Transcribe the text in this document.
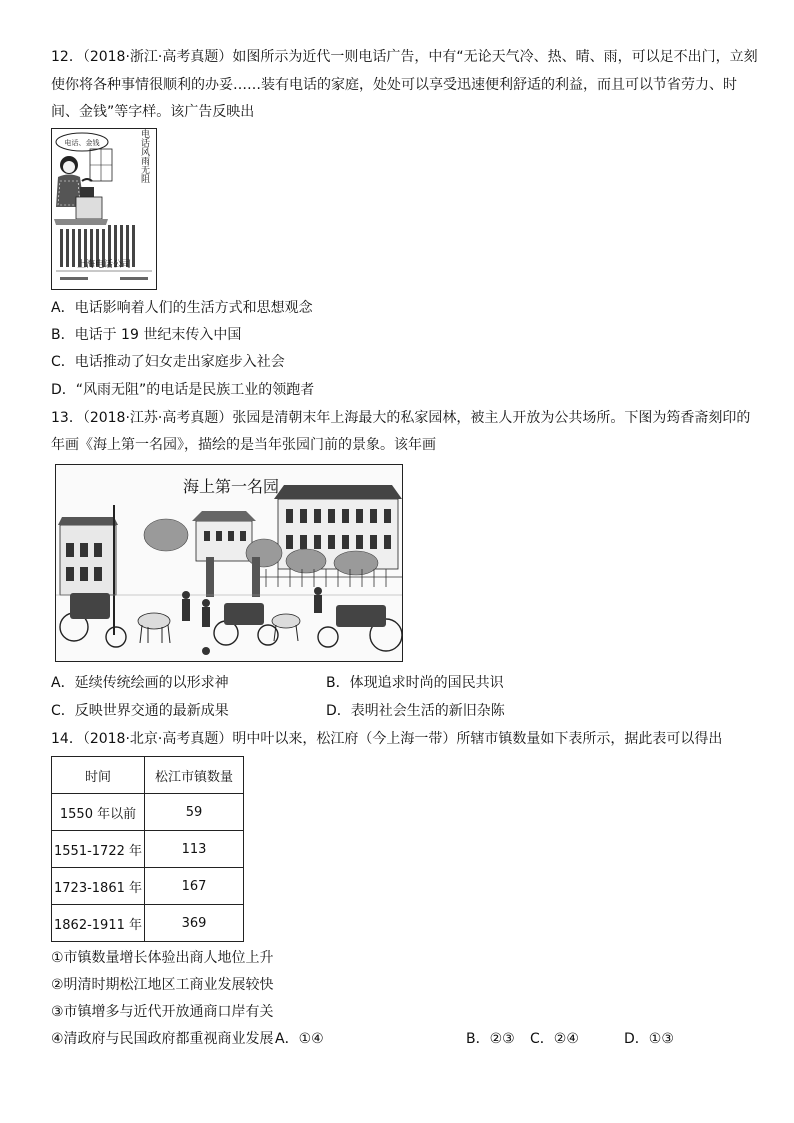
12．（2018·浙江·高考真题）如图所示为近代一则电话广告，中有“无论天气冷、热、晴、雨，可以足不出门，立刻
使你将各种事情很顺利的办妥……装有电话的家庭，处处可以享受迅速便利舒适的利益，而且可以节省劳力、时
间、金钱”等字样。该广告反映出
电话、金钱	装了电话风雨无阻
上海电话公司
A．电话影响着人们的生活方式和思想观念
B．电话于 19 世纪末传入中国
C．电话推动了妇女走出家庭步入社会
D．“风雨无阻”的电话是民族工业的领跑者
13．（2018·江苏·高考真题）张园是清朝末年上海最大的私家园林，被主人开放为公共场所。下图为筠香斋刻印的
年画《海上第一名园》，描绘的是当年张园门前的景象。该年画
海上第一名园
A．延续传统绘画的以形求神	B．体现追求时尚的国民共识
C．反映世界交通的最新成果	D．表明社会生活的新旧杂陈
14．（2018·北京·高考真题）明中叶以来，松江府（今上海一带）所辖市镇数量如下表所示，据此表可以得出
时间	松江市镇数量
1550 年以前	59
1551-1722 年	113
1723-1861 年	167
1862-1911 年	369
①市镇数量增长体验出商人地位上升
②明清时期松江地区工商业发展较快
③市镇增多与近代开放通商口岸有关
④清政府与民国政府都重视商业发展 A．①④	B．②③ C．②④	D．①③
